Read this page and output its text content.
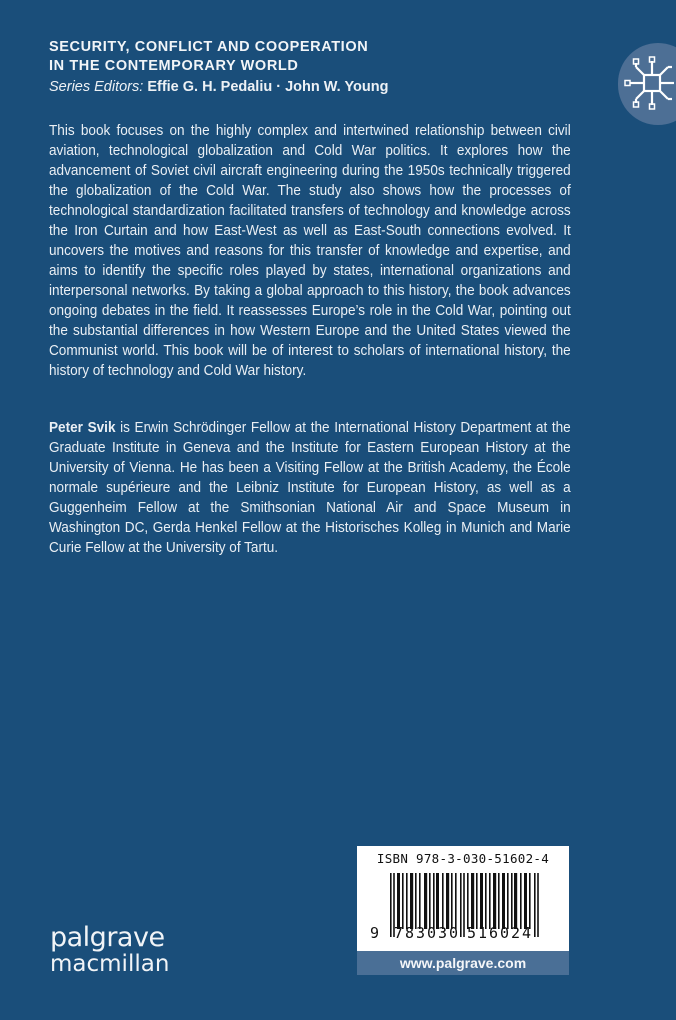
SECURITY, CONFLICT AND COOPERATION

IN THE CONTEMPORARY WORLD

Series Editors: Effie G. H. Pedaliu · John W. Young

This book focuses on the highly complex and intertwined relationship between civil aviation, technological globalization and Cold War politics. It explores how the advancement of Soviet civil aircraft engineering during the 1950s technically triggered the globalization of the Cold War. The study also shows how the processes of technological standardization facilitated transfers of technology and knowledge across the Iron Curtain and how East-West as well as East-South connections evolved. It uncovers the motives and reasons for this transfer of knowledge and expertise, and aims to identify the specific roles played by states, international organizations and interpersonal networks. By taking a global approach to this history, the book advances ongoing debates in the field. It reassesses Europe’s role in the Cold War, pointing out the substantial differences in how Western Europe and the United States viewed the Communist world. This book will be of interest to scholars of international history, the history of technology and Cold War history.

Peter Svik is Erwin Schrödinger Fellow at the International History Department at the Graduate Institute in Geneva and the Institute for Eastern European History at the University of Vienna. He has been a Visiting Fellow at the British Academy, the École normale supérieure and the Leibniz Institute for European History, as well as a Guggenheim Fellow at the Smithsonian National Air and Space Museum in Washington DC, Gerda Henkel Fellow at the Historisches Kolleg in Munich and Marie Curie Fellow at the University of Tartu.

palgrave
macmillan
ISBN 978-3-030-51602-4
9 7 8 3 0 3 0 5 1 6 0 2 4
www.palgrave.com
